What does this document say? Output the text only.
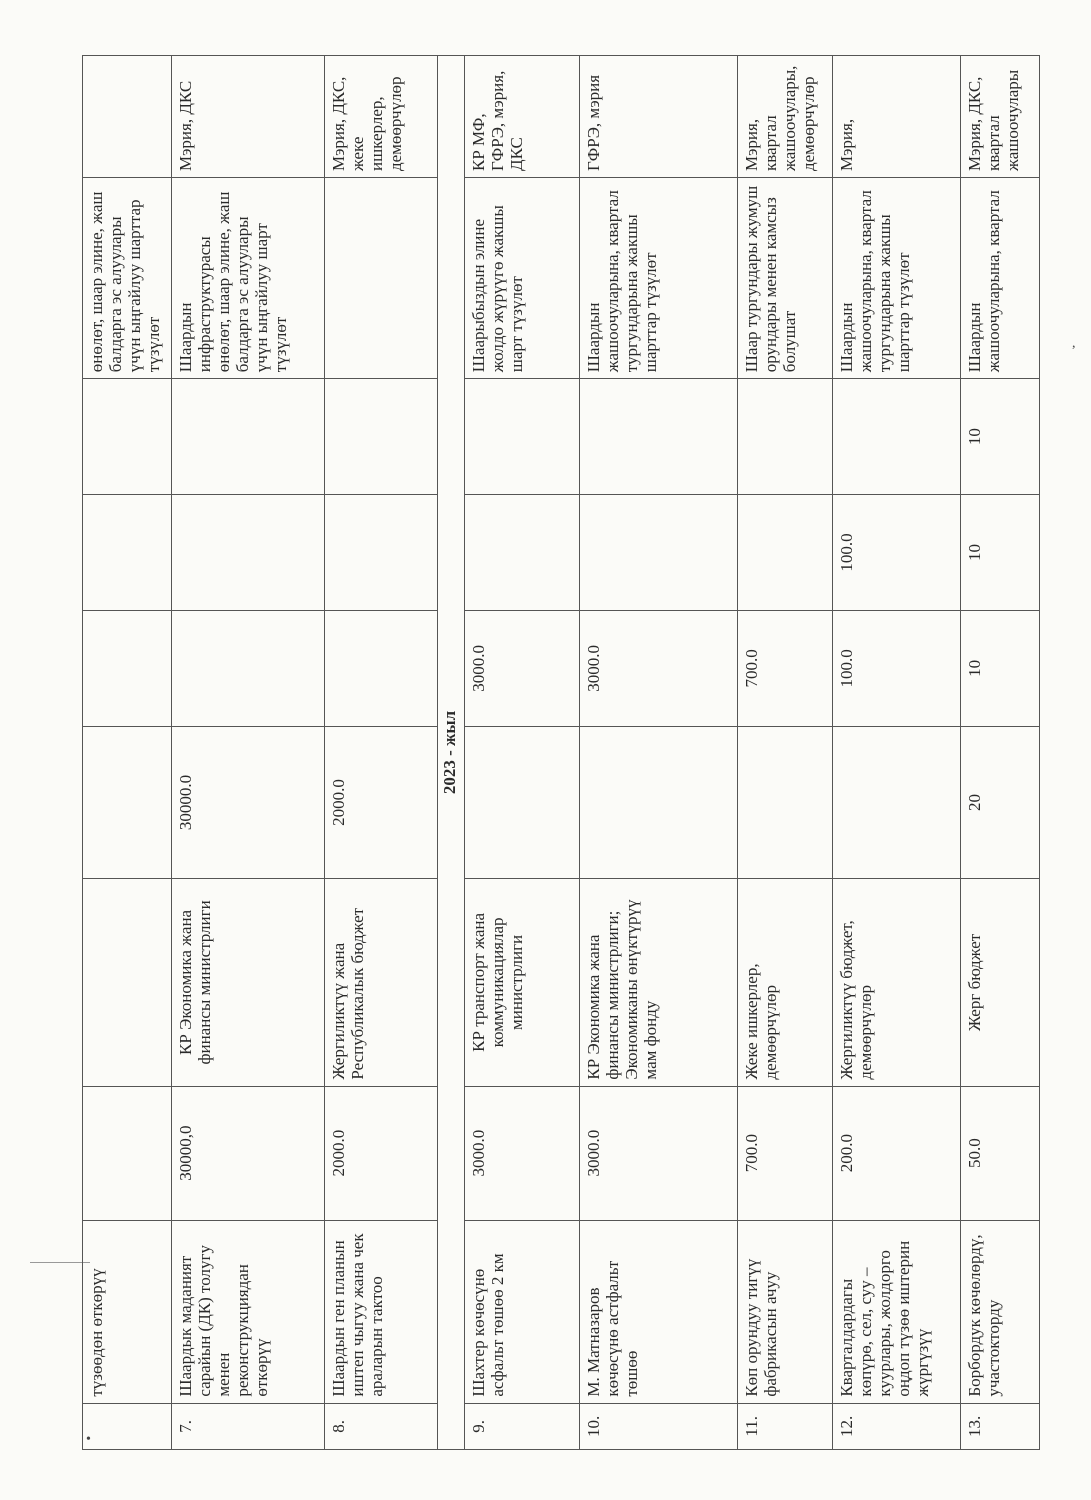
•
,
	түзөөдөн өткөрүү							өнөлөт, шаар элине, жаш балдарга эс алуулары үчүн ыңгайлуу шарттар түзүлөт	
7.	Шаардык маданият сарайын (ДК) толугу менен реконструкциядан өткөрүү	30000,0	КР Экономика жана финансы министрлиги	30000.0				Шаардын инфраструктурасы өнөлөт, шаар элине, жаш балдарга эс алуулары үчүн ыңгайлуу шарт түзүлөт	Мэрия, ДКС
8.	Шаардын ген планын иштеп чыгуу жана чек араларын тактоо	2000.0	Жергиликтүү жана Республикалык бюджет	2000.0					Мэрия, ДКС, жеке ишкерлер, демөөрчүлөр
2023 - жыл									
9.	Шахтер көчөсүнө асфальт төшөө 2 км	3000.0	КР транспорт жана коммуникациялар министрлиги		3000.0			Шаарыбыздын элине жолдо жүрүүгө жакшы шарт түзүлөт	КР МФ, ГФРЭ, мэрия, ДКС
10.	М. Матназаров көчөсүнө астфальт төшөө	3000.0	КР Экономика жана финансы министрлиги; Экономиканы өнүктүрүү мам фонду		3000.0			Шаардын жашоочуларына, квартал тургундарына жакшы шарттар түзүлөт	ГФРЭ, мэрия
11.	Көп орундуу тигүү фабрикасын ачуу	700.0	Жеке ишкерлер, демөөрчүлөр		700.0			Шаар тургундары жумуш орундары менен камсыз болушат	Мэрия, квартал жашоочулары, демөөрчүлөр
12.	Кварталдардагы көпүрө, сел, суу – куурлары, жолдорго оңдоп түзөө иштерин жүргүзүү	200.0	Жергиликтүү бюджет, демөөрчүлөр		100.0	100.0		Шаардын жашоочуларына, квартал тургундарына жакшы шарттар түзүлөт	Мэрия,
13.	Борбордук көчөлөрдү, участокторду	50.0	Жерг бюджет	20	10	10	10	Шаардын жашоочуларына, квартал	Мэрия, ДКС, квартал жашоочулары
